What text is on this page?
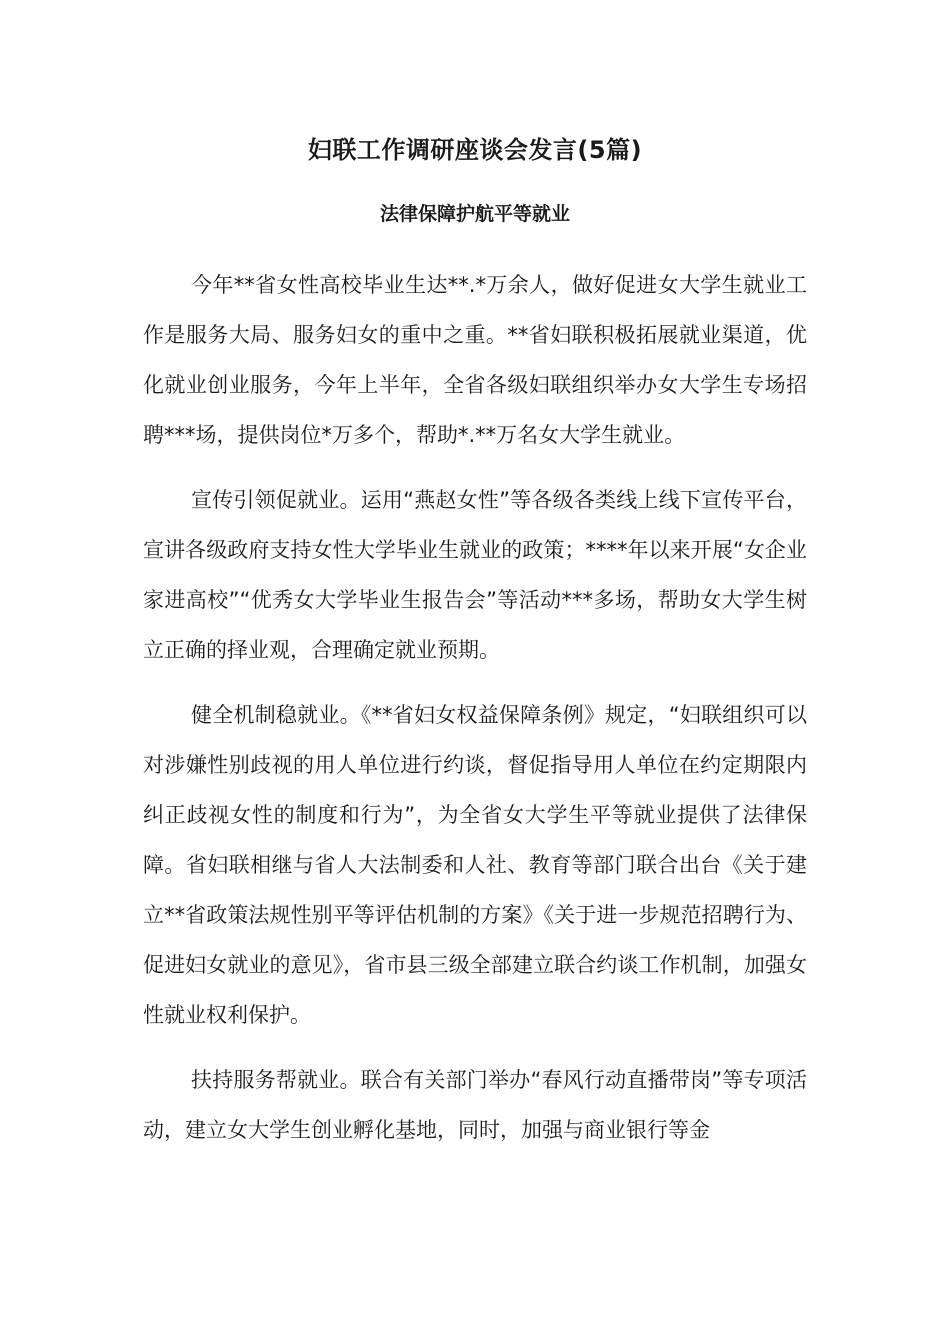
妇联工作调研座谈会发言(5篇)
法律保障护航平等就业

今年**省女性高校毕业生达**.*万余人，做好促进女大学生就业工作是服务大局、服务妇女的重中之重。**省妇联积极拓展就业渠道，优化就业创业服务，今年上半年，全省各级妇联组织举办女大学生专场招聘***场，提供岗位*万多个，帮助*.**万名女大学生就业。

宣传引领促就业。运用“燕赵女性”等各级各类线上线下宣传平台，宣讲各级政府支持女性大学毕业生就业的政策；****年以来开展“女企业家进高校”“优秀女大学毕业生报告会”等活动***多场，帮助女大学生树立正确的择业观，合理确定就业预期。

健全机制稳就业。《**省妇女权益保障条例》规定，“妇联组织可以对涉嫌性别歧视的用人单位进行约谈，督促指导用人单位在约定期限内纠正歧视女性的制度和行为”，为全省女大学生平等就业提供了法律保障。省妇联相继与省人大法制委和人社、教育等部门联合出台《关于建立**省政策法规性别平等评估机制的方案》《关于进一步规范招聘行为、促进妇女就业的意见》，省市县三级全部建立联合约谈工作机制，加强女性就业权利保护。

扶持服务帮就业。联合有关部门举办“春风行动直播带岗”等专项活动，建立女大学生创业孵化基地，同时，加强与商业银行等金
